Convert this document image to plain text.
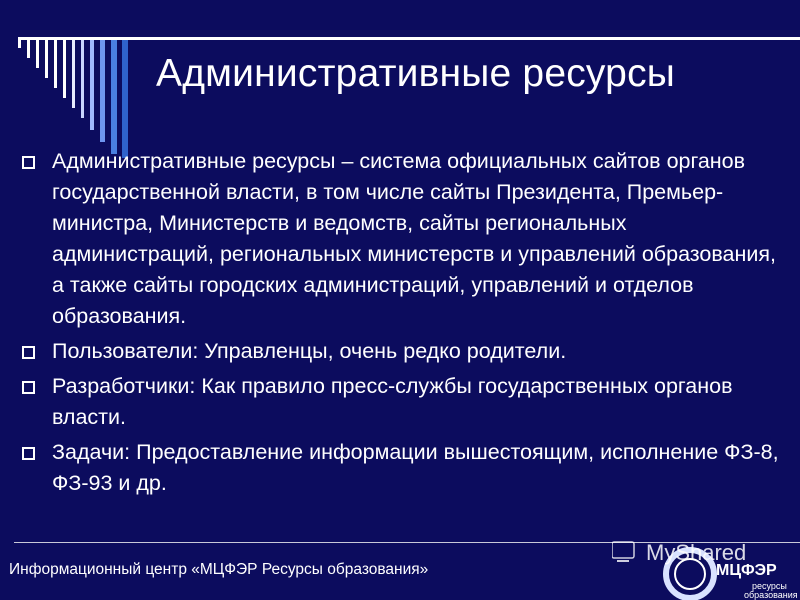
Административные ресурсы
Административные ресурсы – система официальных сайтов органов государственной власти, в том числе сайты Президента, Премьер-министра, Министерств и ведомств, сайты региональных администраций, региональных министерств и управлений образования, а также сайты городских администраций, управлений и отделов образования.
Пользователи: Управленцы, очень редко родители.
Разработчики: Как правило пресс-службы государственных органов власти.
Задачи: Предоставление информации вышестоящим, исполнение ФЗ-8, ФЗ-93 и др.
Информационный центр «МЦФЭР Ресурсы образования»
MyShared
МЦФЭР
ресурсы
образования
